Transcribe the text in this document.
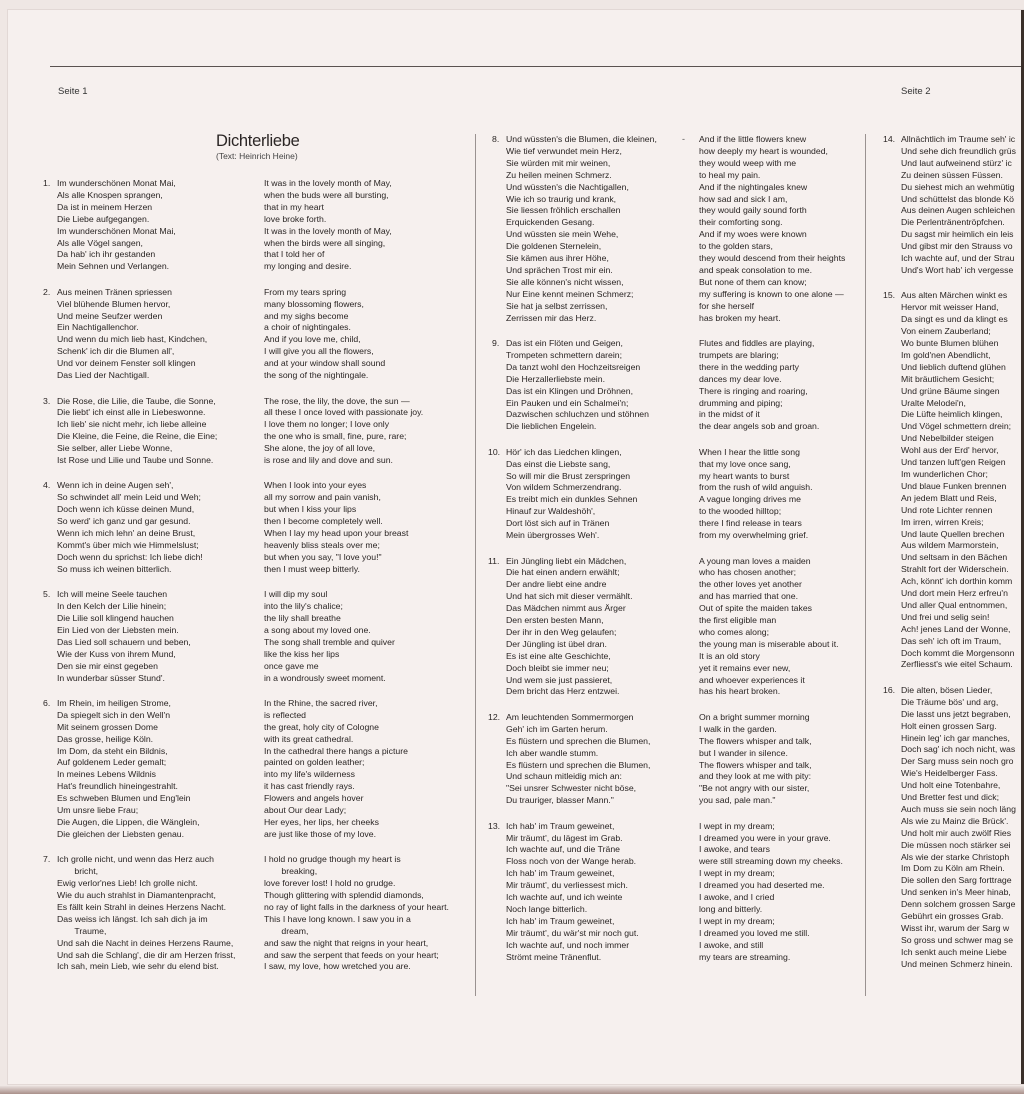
Seite 1	Seite 2
Dichterliebe
(Text: Heinrich Heine)
-
1. Im wunderschönen Monat Mai,
Als alle Knospen sprangen,
Da ist in meinem Herzen
Die Liebe aufgegangen.
Im wunderschönen Monat Mai,
Als alle Vögel sangen,
Da hab' ich ihr gestanden
Mein Sehnen und Verlangen.
2. Aus meinen Tränen spriessen
Viel blühende Blumen hervor,
Und meine Seufzer werden
Ein Nachtigallenchor.
Und wenn du mich lieb hast, Kindchen,
Schenk' ich dir die Blumen all',
Und vor deinem Fenster soll klingen
Das Lied der Nachtigall.
3. Die Rose, die Lilie, die Taube, die Sonne,
Die liebt' ich einst alle in Liebeswonne.
Ich lieb' sie nicht mehr, ich liebe alleine
Die Kleine, die Feine, die Reine, die Eine;
Sie selber, aller Liebe Wonne,
Ist Rose und Lilie und Taube und Sonne.
4. Wenn ich in deine Augen seh',
So schwindet all' mein Leid und Weh;
Doch wenn ich küsse deinen Mund,
So werd' ich ganz und gar gesund.
Wenn ich mich lehn' an deine Brust,
Kommt's über mich wie Himmelslust;
Doch wenn du sprichst: Ich liebe dich!
So muss ich weinen bitterlich.
5. Ich will meine Seele tauchen
In den Kelch der Lilie hinein;
Die Lilie soll klingend hauchen
Ein Lied von der Liebsten mein.
Das Lied soll schauern und beben,
Wie der Kuss von ihrem Mund,
Den sie mir einst gegeben
In wunderbar süsser Stund'.
6. Im Rhein, im heiligen Strome,
Da spiegelt sich in den Well'n
Mit seinem grossen Dome
Das grosse, heilige Köln.
Im Dom, da steht ein Bildnis,
Auf goldenem Leder gemalt;
In meines Lebens Wildnis
Hat's freundlich hineingestrahlt.
Es schweben Blumen und Eng'lein
Um unsre liebe Frau;
Die Augen, die Lippen, die Wänglein,
Die gleichen der Liebsten genau.
7. Ich grolle nicht, und wenn das Herz auch
  bricht,
Ewig verlor'nes Lieb! Ich grolle nicht.
Wie du auch strahlst in Diamantenpracht,
Es fällt kein Strahl in deines Herzens Nacht.
Das weiss ich längst. Ich sah dich ja im
  Traume,
Und sah die Nacht in deines Herzens Raume,
Und sah die Schlang', die dir am Herzen frisst,
Ich sah, mein Lieb, wie sehr du elend bist.
It was in the lovely month of May,
when the buds were all bursting,
that in my heart
love broke forth.
It was in the lovely month of May,
when the birds were all singing,
that I told her of
my longing and desire.
From my tears spring
many blossoming flowers,
and my sighs become
a choir of nightingales.
And if you love me, child,
I will give you all the flowers,
and at your window shall sound
the song of the nightingale.
The rose, the lily, the dove, the sun —
all these I once loved with passionate joy.
I love them no longer; I love only
the one who is small, fine, pure, rare;
She alone, the joy of all love,
is rose and lily and dove and sun.
When I look into your eyes
all my sorrow and pain vanish,
but when I kiss your lips
then I become completely well.
When I lay my head upon your breast
heavenly bliss steals over me;
but when you say, "I love you!"
then I must weep bitterly.
I will dip my soul
into the lily's chalice;
the lily shall breathe
a song about my loved one.
The song shall tremble and quiver
like the kiss her lips
once gave me
in a wondrously sweet moment.
In the Rhine, the sacred river,
is reflected
the great, holy city of Cologne
with its great cathedral.
In the cathedral there hangs a picture
painted on golden leather;
into my life's wilderness
it has cast friendly rays.
Flowers and angels hover
about Our dear Lady;
Her eyes, her lips, her cheeks
are just like those of my love.
I hold no grudge though my heart is
  breaking,
love forever lost! I hold no grudge.
Though glittering with splendid diamonds,
no ray of light falls in the darkness of your heart.
This I have long known. I saw you in a
  dream,
and saw the night that reigns in your heart,
and saw the serpent that feeds on your heart;
I saw, my love, how wretched you are.
8. Und wüssten's die Blumen, die kleinen,
Wie tief verwundet mein Herz,
Sie würden mit mir weinen,
Zu heilen meinen Schmerz.
Und wüssten's die Nachtigallen,
Wie ich so traurig und krank,
Sie liessen fröhlich erschallen
Erquickenden Gesang.
Und wüssten sie mein Wehe,
Die goldenen Sternelein,
Sie kämen aus ihrer Höhe,
Und sprächen Trost mir ein.
Sie alle können's nicht wissen,
Nur Eine kennt meinen Schmerz;
Sie hat ja selbst zerrissen,
Zerrissen mir das Herz.
9. Das ist ein Flöten und Geigen,
Trompeten schmettern darein;
Da tanzt wohl den Hochzeitsreigen
Die Herzallerliebste mein.
Das ist ein Klingen und Dröhnen,
Ein Pauken und ein Schalmei'n;
Dazwischen schluchzen und stöhnen
Die lieblichen Engelein.
10. Hör' ich das Liedchen klingen,
Das einst die Liebste sang,
So will mir die Brust zerspringen
Von wildem Schmerzendrang.
Es treibt mich ein dunkles Sehnen
Hinauf zur Waldeshöh',
Dort löst sich auf in Tränen
Mein übergrosses Weh'.
11. Ein Jüngling liebt ein Mädchen,
Die hat einen andern erwählt;
Der andre liebt eine andre
Und hat sich mit dieser vermählt.
Das Mädchen nimmt aus Ärger
Den ersten besten Mann,
Der ihr in den Weg gelaufen;
Der Jüngling ist übel dran.
Es ist eine alte Geschichte,
Doch bleibt sie immer neu;
Und wem sie just passieret,
Dem bricht das Herz entzwei.
12. Am leuchtenden Sommermorgen
Geh' ich im Garten herum.
Es flüstern und sprechen die Blumen,
Ich aber wandle stumm.
Es flüstern und sprechen die Blumen,
Und schaun mitleidig mich an:
"Sei unsrer Schwester nicht böse,
Du trauriger, blasser Mann."
13. Ich hab' im Traum geweinet,
Mir träumt', du lägest im Grab.
Ich wachte auf, und die Träne
Floss noch von der Wange herab.
Ich hab' im Traum geweinet,
Mir träumt', du verliessest mich.
Ich wachte auf, und ich weinte
Noch lange bitterlich.
Ich hab' im Traum geweinet,
Mir träumt', du wär'st mir noch gut.
Ich wachte auf, und noch immer
Strömt meine Tränenflut.
And if the little flowers knew
how deeply my heart is wounded,
they would weep with me
to heal my pain.
And if the nightingales knew
how sad and sick I am,
they would gaily sound forth
their comforting song.
And if my woes were known
to the golden stars,
they would descend from their heights
and speak consolation to me.
But none of them can know;
my suffering is known to one alone —
for she herself
has broken my heart.
Flutes and fiddles are playing,
trumpets are blaring;
there in the wedding party
dances my dear love.
There is ringing and roaring,
drumming and piping;
in the midst of it
the dear angels sob and groan.
When I hear the little song
that my love once sang,
my heart wants to burst
from the rush of wild anguish.
A vague longing drives me
to the wooded hilltop;
there I find release in tears
from my overwhelming grief.
A young man loves a maiden
who has chosen another;
the other loves yet another
and has married that one.
Out of spite the maiden takes
the first eligible man
who comes along;
the young man is miserable about it.
It is an old story
yet it remains ever new,
and whoever experiences it
has his heart broken.
On a bright summer morning
I walk in the garden.
The flowers whisper and talk,
but I wander in silence.
The flowers whisper and talk,
and they look at me with pity:
"Be not angry with our sister,
you sad, pale man."
I wept in my dream;
I dreamed you were in your grave.
I awoke, and tears
were still streaming down my cheeks.
I wept in my dream;
I dreamed you had deserted me.
I awoke, and I cried
long and bitterly.
I wept in my dream;
I dreamed you loved me still.
I awoke, and still
my tears are streaming.
14. Allnächtlich im Traume seh' ic
Und sehe dich freundlich grüs
Und laut aufweinend stürz' ic
Zu deinen süssen Füssen.
Du siehest mich an wehmütig
Und schüttelst das blonde Kö
Aus deinen Augen schleichen
Die Perlentränentröpfchen.
Du sagst mir heimlich ein leis
Und gibst mir den Strauss vo
Ich wachte auf, und der Strau
Und's Wort hab' ich vergesse
15. Aus alten Märchen winkt es
Hervor mit weisser Hand,
Da singt es und da klingt es
Von einem Zauberland;
Wo bunte Blumen blühen
Im gold'nen Abendlicht,
Und lieblich duftend glühen
Mit bräutlichem Gesicht;
Und grüne Bäume singen
Uralte Melodei'n,
Die Lüfte heimlich klingen,
Und Vögel schmettern drein;
Und Nebelbilder steigen
Wohl aus der Erd' hervor,
Und tanzen luft'gen Reigen
Im wunderlichen Chor;
Und blaue Funken brennen
An jedem Blatt und Reis,
Und rote Lichter rennen
Im irren, wirren Kreis;
Und laute Quellen brechen
Aus wildem Marmorstein,
Und seltsam in den Bächen
Strahlt fort der Widerschein.
Ach, könnt' ich dorthin komm
Und dort mein Herz erfreu'n
Und aller Qual entnommen,
Und frei und selig sein!
Ach! jenes Land der Wonne,
Das seh' ich oft im Traum,
Doch kommt die Morgensonn
Zerfliesst's wie eitel Schaum.
16. Die alten, bösen Lieder,
Die Träume bös' und arg,
Die lasst uns jetzt begraben,
Holt einen grossen Sarg.
Hinein leg' ich gar manches,
Doch sag' ich noch nicht, was
Der Sarg muss sein noch gro
Wie's Heidelberger Fass.
Und holt eine Totenbahre,
Und Bretter fest und dick;
Auch muss sie sein noch läng
Als wie zu Mainz die Brück'.
Und holt mir auch zwölf Ries
Die müssen noch stärker sei
Als wie der starke Christoph
Im Dom zu Köln am Rhein.
Die sollen den Sarg forttrage
Und senken in's Meer hinab,
Denn solchem grossen Sarge
Gebührt ein grosses Grab.
Wisst ihr, warum der Sarg w
So gross und schwer mag se
Ich senkt auch meine Liebe
Und meinen Schmerz hinein.
